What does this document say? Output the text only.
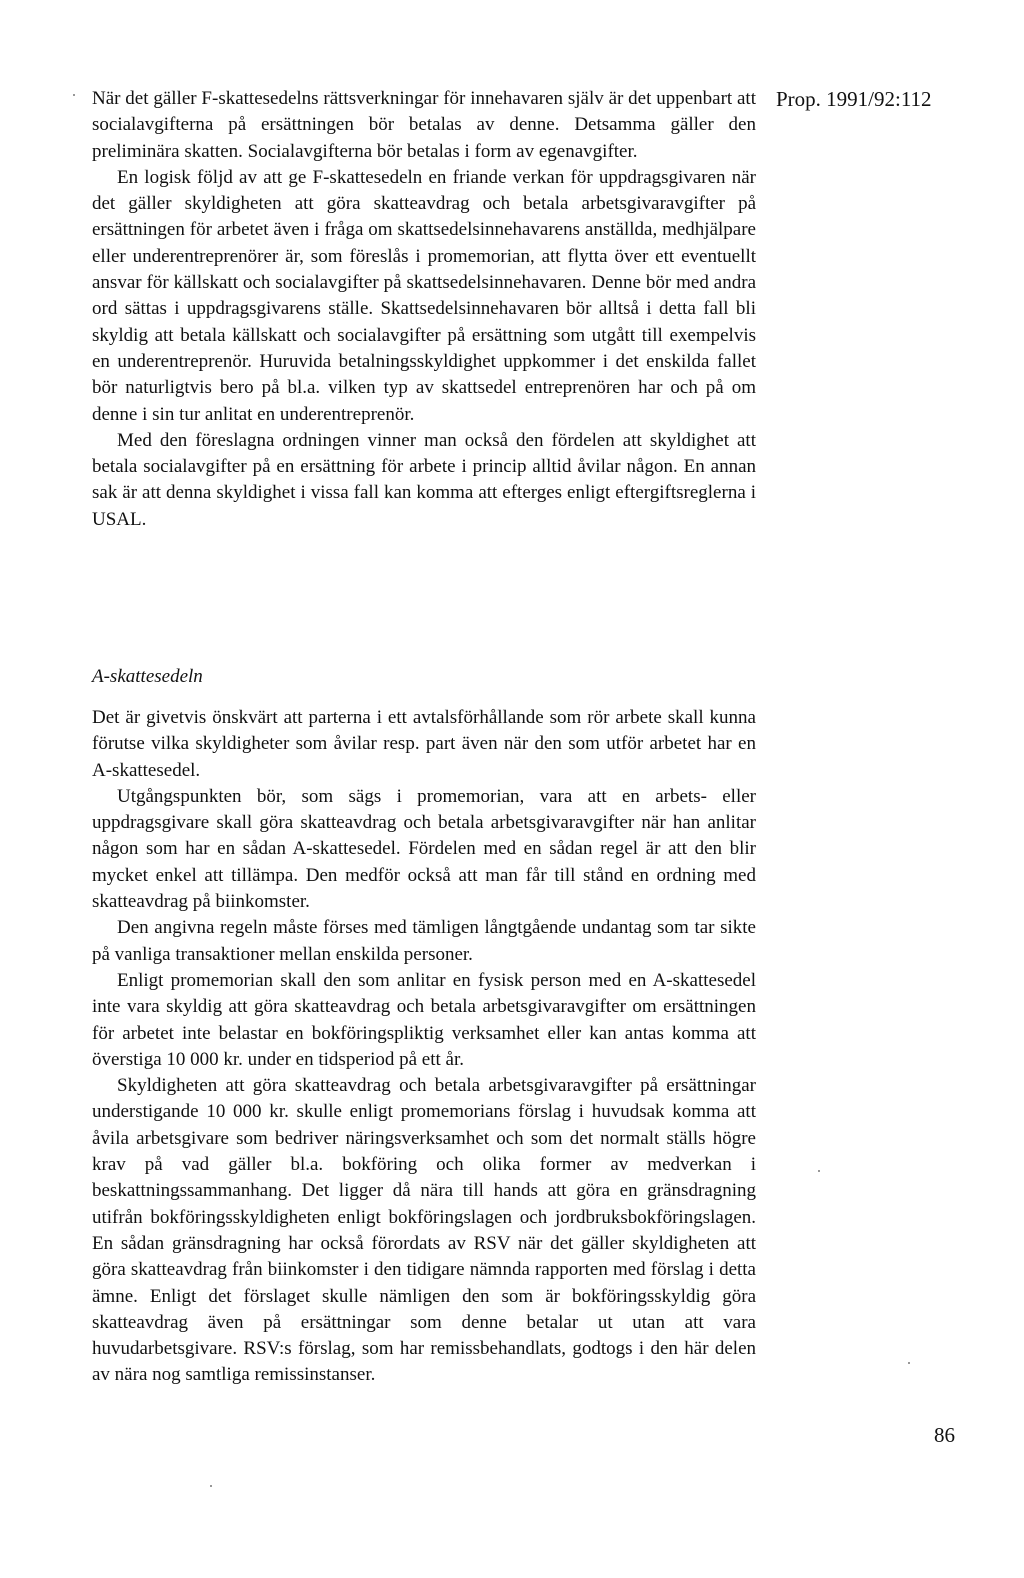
Prop. 1991/92:112

När det gäller F-skattesedelns rättsverkningar för innehavaren själv är det uppenbart att socialavgifterna på ersättningen bör betalas av denne. Detsamma gäller den preliminära skatten. Socialavgifterna bör betalas i form av egenavgifter.

En logisk följd av att ge F-skattesedeln en friande verkan för uppdragsgivaren när det gäller skyldigheten att göra skatteavdrag och betala arbetsgivaravgifter på ersättningen för arbetet även i fråga om skattsedelsinnehavarens anställda, medhjälpare eller underentreprenörer är, som föreslås i promemorian, att flytta över ett eventuellt ansvar för källskatt och socialavgifter på skattsedelsinnehavaren. Denne bör med andra ord sättas i uppdragsgivarens ställe. Skattsedelsinnehavaren bör alltså i detta fall bli skyldig att betala källskatt och socialavgifter på ersättning som utgått till exempelvis en underentreprenör. Huruvida betalningsskyldighet uppkommer i det enskilda fallet bör naturligtvis bero på bl.a. vilken typ av skattsedel entreprenören har och på om denne i sin tur anlitat en underentreprenör.

Med den föreslagna ordningen vinner man också den fördelen att skyldighet att betala socialavgifter på en ersättning för arbete i princip alltid åvilar någon. En annan sak är att denna skyldighet i vissa fall kan komma att efterges enligt eftergiftsreglerna i USAL.

A-skattesedeln

Det är givetvis önskvärt att parterna i ett avtalsförhållande som rör arbete skall kunna förutse vilka skyldigheter som åvilar resp. part även när den som utför arbetet har en A-skattesedel.

Utgångspunkten bör, som sägs i promemorian, vara att en arbets- eller uppdragsgivare skall göra skatteavdrag och betala arbetsgivaravgifter när han anlitar någon som har en sådan A-skattesedel. Fördelen med en sådan regel är att den blir mycket enkel att tillämpa. Den medför också att man får till stånd en ordning med skatteavdrag på biinkomster.

Den angivna regeln måste förses med tämligen långtgående undantag som tar sikte på vanliga transaktioner mellan enskilda personer.

Enligt promemorian skall den som anlitar en fysisk person med en A-skattesedel inte vara skyldig att göra skatteavdrag och betala arbetsgivaravgifter om ersättningen för arbetet inte belastar en bokföringspliktig verksamhet eller kan antas komma att överstiga 10 000 kr. under en tidsperiod på ett år.

Skyldigheten att göra skatteavdrag och betala arbetsgivaravgifter på ersättningar understigande 10 000 kr. skulle enligt promemorians förslag i huvudsak komma att åvila arbetsgivare som bedriver näringsverksamhet och som det normalt ställs högre krav på vad gäller bl.a. bokföring och olika former av medverkan i beskattningssammanhang. Det ligger då nära till hands att göra en gränsdragning utifrån bokföringsskyldigheten enligt bokföringslagen och jordbruksbokföringslagen. En sådan gränsdragning har också förordats av RSV när det gäller skyldigheten att göra skatteavdrag från biinkomster i den tidigare nämnda rapporten med förslag i detta ämne. Enligt det förslaget skulle nämligen den som är bokföringsskyldig göra skatteavdrag även på ersättningar som denne betalar ut utan att vara huvudarbetsgivare. RSV:s förslag, som har remissbehandlats, godtogs i den här delen av nära nog samtliga remissinstanser.

86
